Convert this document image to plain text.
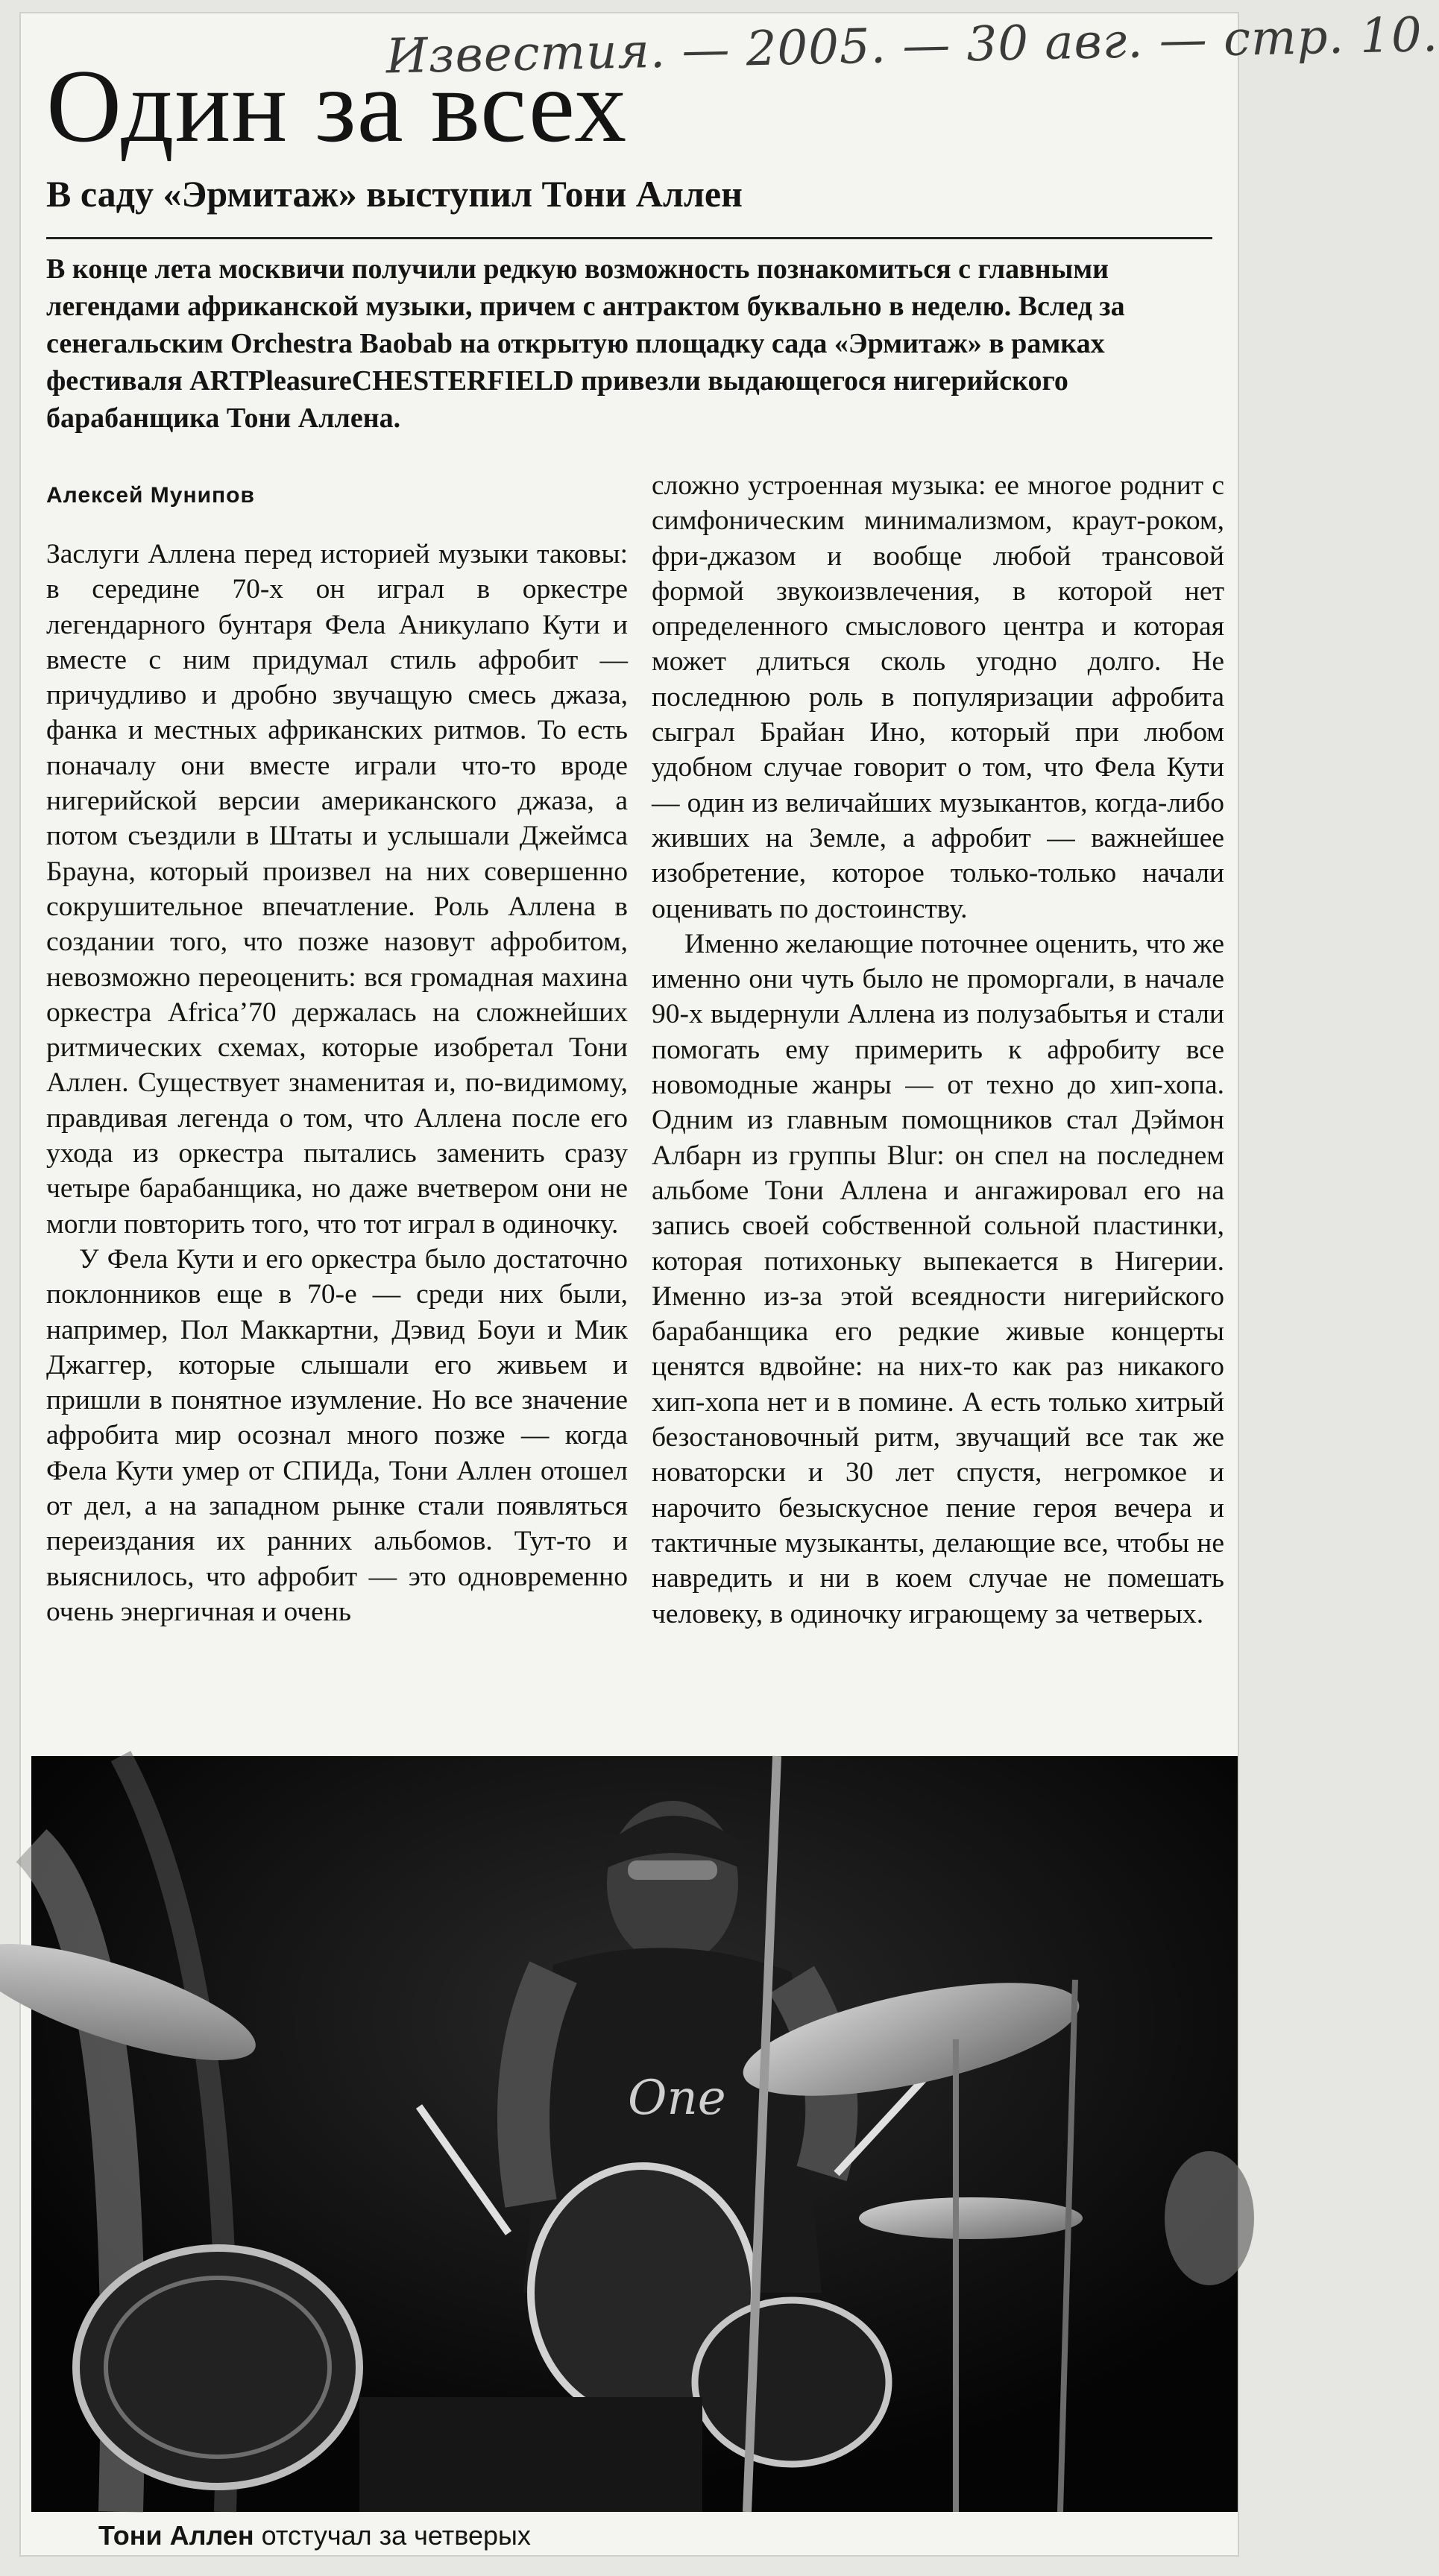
Известия. — 2005. — 30 авг. — стр. 10.
Один за всех
В саду «Эрмитаж» выступил Тони Аллен

В конце лета москвичи получили редкую возможность познакомиться с главными легендами африканской музыки, причем с антрактом буквально в неделю. Вслед за сенегальским Orchestra Baobab на открытую площадку сада «Эрмитаж» в рамках фестиваля ARTPleasureCHESTERFIELD привезли выдающегося нигерийского барабанщика Тони Аллена.

Алексей Мунипов

Заслуги Аллена перед историей музыки таковы: в середине 70-х он играл в оркестре легендарного бунтаря Фела Аникулапо Кути и вместе с ним придумал стиль афробит — причудливо и дробно звучащую смесь джаза, фанка и местных африканских ритмов. То есть поначалу они вместе играли что-то вроде нигерийской версии американского джаза, а потом съездили в Штаты и услышали Джеймса Брауна, который произвел на них совершенно сокрушительное впечатление. Роль Аллена в создании того, что позже назовут афробитом, невозможно переоценить: вся громадная махина оркестра Africa’70 держалась на сложнейших ритмических схемах, которые изобретал Тони Аллен. Существует знаменитая и, по-видимому, правдивая легенда о том, что Аллена после его ухода из оркестра пытались заменить сразу четыре барабанщика, но даже вчетвером они не могли повторить того, что тот играл в одиночку.

У Фела Кути и его оркестра было достаточно поклонников еще в 70-е — среди них были, например, Пол Маккартни, Дэвид Боуи и Мик Джаггер, которые слышали его живьем и пришли в понятное изумление. Но все значение афробита мир осознал много позже — когда Фела Кути умер от СПИДа, Тони Аллен отошел от дел, а на западном рынке стали появляться переиздания их ранних альбомов. Тут-то и выяснилось, что афробит — это одновременно очень энергичная и очень

сложно устроенная музыка: ее многое роднит с симфоническим минимализмом, краут-роком, фри-джазом и вообще любой трансовой формой звукоизвлечения, в которой нет определенного смыслового центра и которая может длиться сколь угодно долго. Не последнюю роль в популяризации афробита сыграл Брайан Ино, который при любом удобном случае говорит о том, что Фела Кути — один из величайших музыкантов, когда-либо живших на Земле, а афробит — важнейшее изобретение, которое только-только начали оценивать по достоинству.

Именно желающие поточнее оценить, что же именно они чуть было не проморгали, в начале 90-х выдернули Аллена из полузабытья и стали помогать ему примерить к афробиту все новомодные жанры — от техно до хип-хопа. Одним из главным помощников стал Дэймон Албарн из группы Blur: он спел на последнем альбоме Тони Аллена и ангажировал его на запись своей собственной сольной пластинки, которая потихоньку выпекается в Нигерии. Именно из-за этой всеядности нигерийского барабанщика его редкие живые концерты ценятся вдвойне: на них-то как раз никакого хип-хопа нет и в помине. А есть только хитрый безостановочный ритм, звучащий все так же новаторски и 30 лет спустя, негромкое и нарочито безыскусное пение героя вечера и тактичные музыканты, делающие все, чтобы не навредить и ни в коем случае не помешать человеку, в одиночку играющему за четверых.

One
Тони Аллен отстучал за четверых
